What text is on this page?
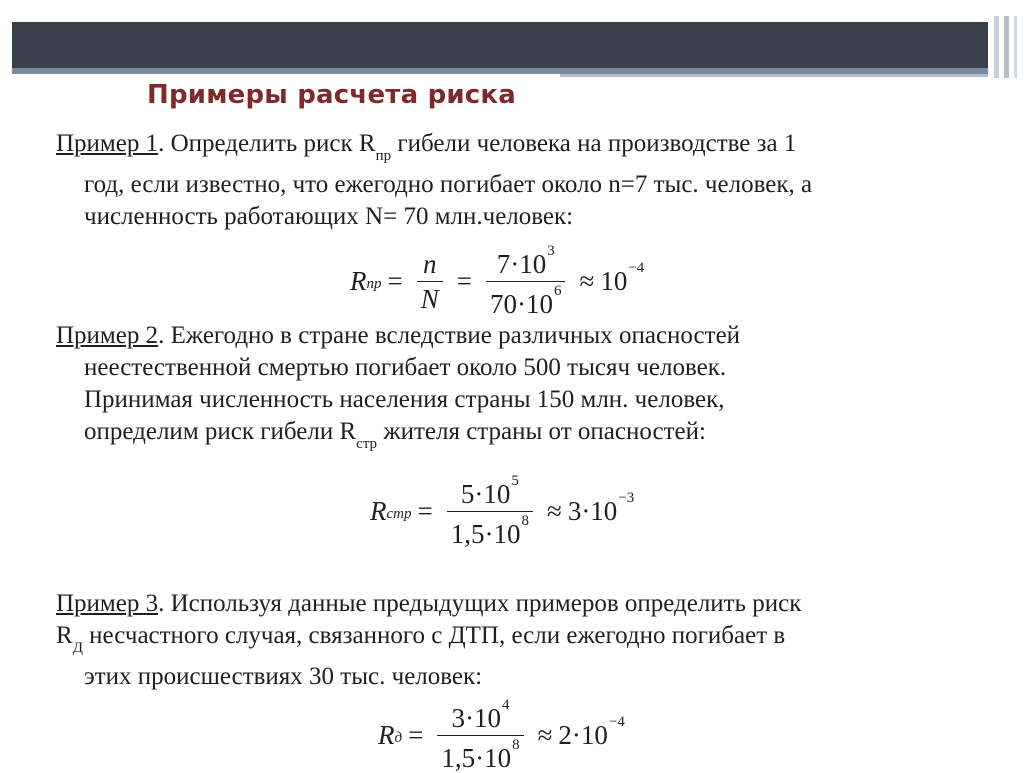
Примеры расчета риска
Пример 1. Определить риск $R_{пр}$ гибели человека на производстве за 1
год, если известно, что ежегодно погибает около n=7 тыс. человек, а
численность работающих N= 70 млн.человек:
$R_{пр} = \frac{n}{N} = \frac{7\cdot 10^3}{70\cdot 10^6} \approx 10^{-4}$
Пример 2. Ежегодно в стране вследствие различных опасностей
неестественной смертью погибает около 500 тысяч человек.
Принимая численность населения страны 150 млн. человек,
определим риск гибели $R_{стр}$ жителя страны от опасностей:
$R_{стр} = \frac{5\cdot 10^5}{1,5\cdot 10^8} \approx 3\cdot 10^{-3}$
Пример 3. Используя данные предыдущих примеров определить риск
$R_Д$ несчастного случая, связанного с ДТП, если ежегодно погибает в
этих происшествиях 30 тыс. человек:
$R_д = \frac{3\cdot 10^4}{1,5\cdot 10^8} \approx 2\cdot 10^{-4}$
